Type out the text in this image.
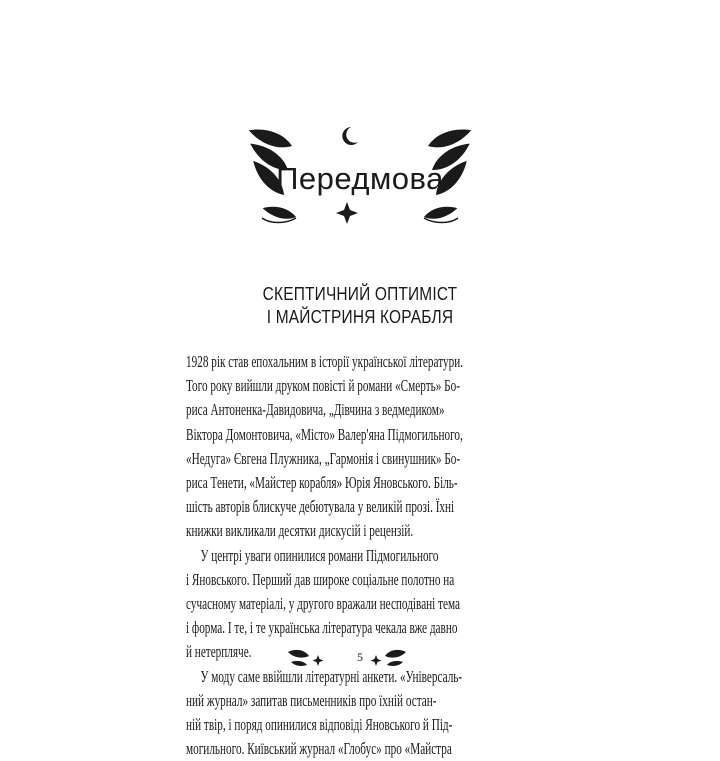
Передмова
СКЕПТИЧНИЙ ОПТИМІСТ
І МАЙСТРИНЯ КОРАБЛЯ
1928 рік став епохальним в історії української літератури.
Того року вийшли друком повісті й романи «Смерть» Бо-
риса Антоненка-Давидовича, „Дівчина з ведмедиком»
Віктора Домонтовича, «Місто» Валер'яна Підмогильного,
«Недуга» Євгена Плужника, „Гармонія і свинушник» Бо-
риса Тенети, «Майстер корабля» Юрія Яновського. Біль-
шість авторів блискуче дебютувала у великій прозі. Їхні
книжки викликали десятки дискусій і рецензій.
У центрі уваги опинилися романи Підмогильного
і Яновського. Перший дав широке соціальне полотно на
сучасному матеріалі, у другого вражали несподівані тема
і форма. І те, і те українська література чекала вже давно
й нетерпляче.
У моду саме ввійшли літературні анкети. «Універсаль-
ний журнал» запитав письменників про їхній остан-
ній твір, і поряд опинилися відповіді Яновського й Під-
могильного. Київський журнал «Глобус» про «Майстра
5
